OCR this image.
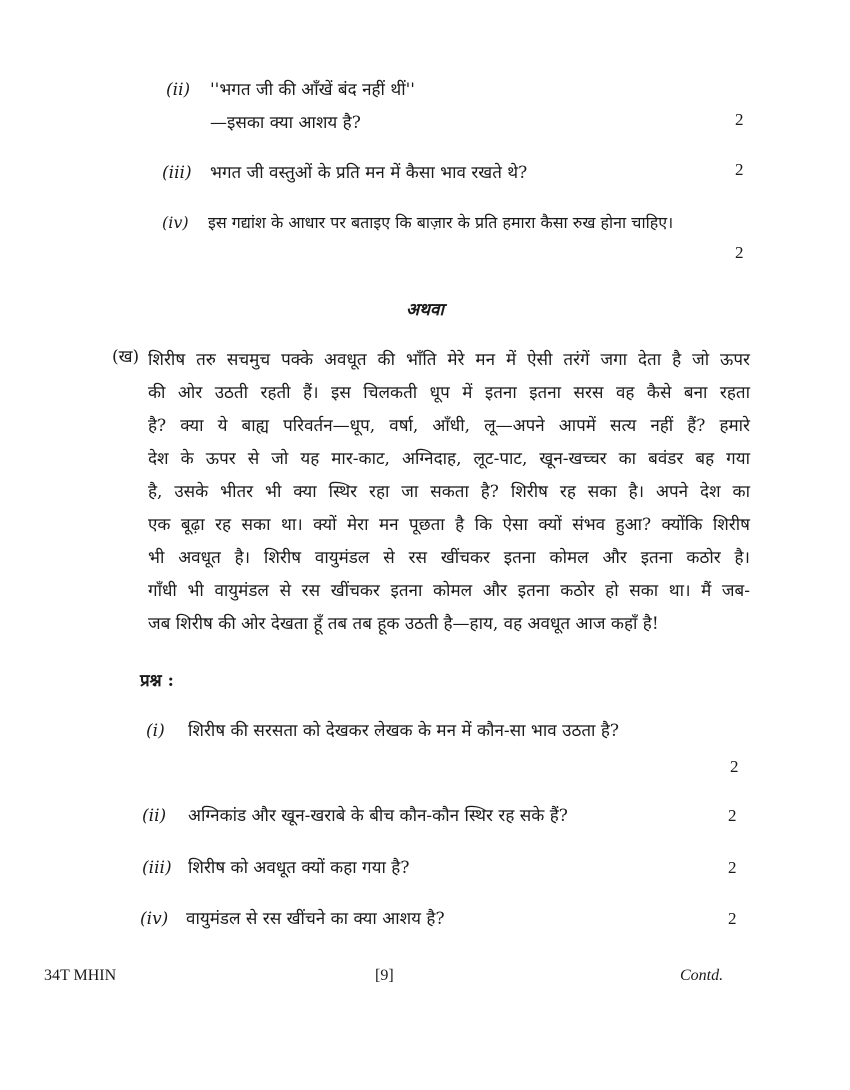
(ii) ''भगत जी की आँखें बंद नहीं थीं''
—इसका क्या आशय है?	2
(iii) भगत जी वस्तुओं के प्रति मन में कैसा भाव रखते थे?	2
(iv) इस गद्यांश के आधार पर बताइए कि बाज़ार के प्रति हमारा कैसा रुख होना चाहिए।
2
अथवा
(ख) शिरीष तरु सचमुच पक्के अवधूत की भाँति मेरे मन में ऐसी तरंगें जगा देता है जो ऊपर
की ओर उठती रहती हैं। इस चिलकती धूप में इतना इतना सरस वह कैसे बना रहता
है? क्या ये बाह्य परिवर्तन—धूप, वर्षा, आँधी, लू—अपने आपमें सत्य नहीं हैं? हमारे
देश के ऊपर से जो यह मार-काट, अग्निदाह, लूट-पाट, खून-खच्चर का बवंडर बह गया
है, उसके भीतर भी क्या स्थिर रहा जा सकता है? शिरीष रह सका है। अपने देश का
एक बूढ़ा रह सका था। क्यों मेरा मन पूछता है कि ऐसा क्यों संभव हुआ? क्योंकि शिरीष
भी अवधूत है। शिरीष वायुमंडल से रस खींचकर इतना कोमल और इतना कठोर है।
गाँधी भी वायुमंडल से रस खींचकर इतना कोमल और इतना कठोर हो सका था। मैं जब-
जब शिरीष की ओर देखता हूँ तब तब हूक उठती है—हाय, वह अवधूत आज कहाँ है!
प्रश्न :
(i) शिरीष की सरसता को देखकर लेखक के मन में कौन-सा भाव उठता है?
2
(ii) अग्निकांड और खून-खराबे के बीच कौन-कौन स्थिर रह सके हैं?	2
(iii) शिरीष को अवधूत क्यों कहा गया है?	2
(iv) वायुमंडल से रस खींचने का क्या आशय है?	2
34T MHIN	[9]	Contd.
